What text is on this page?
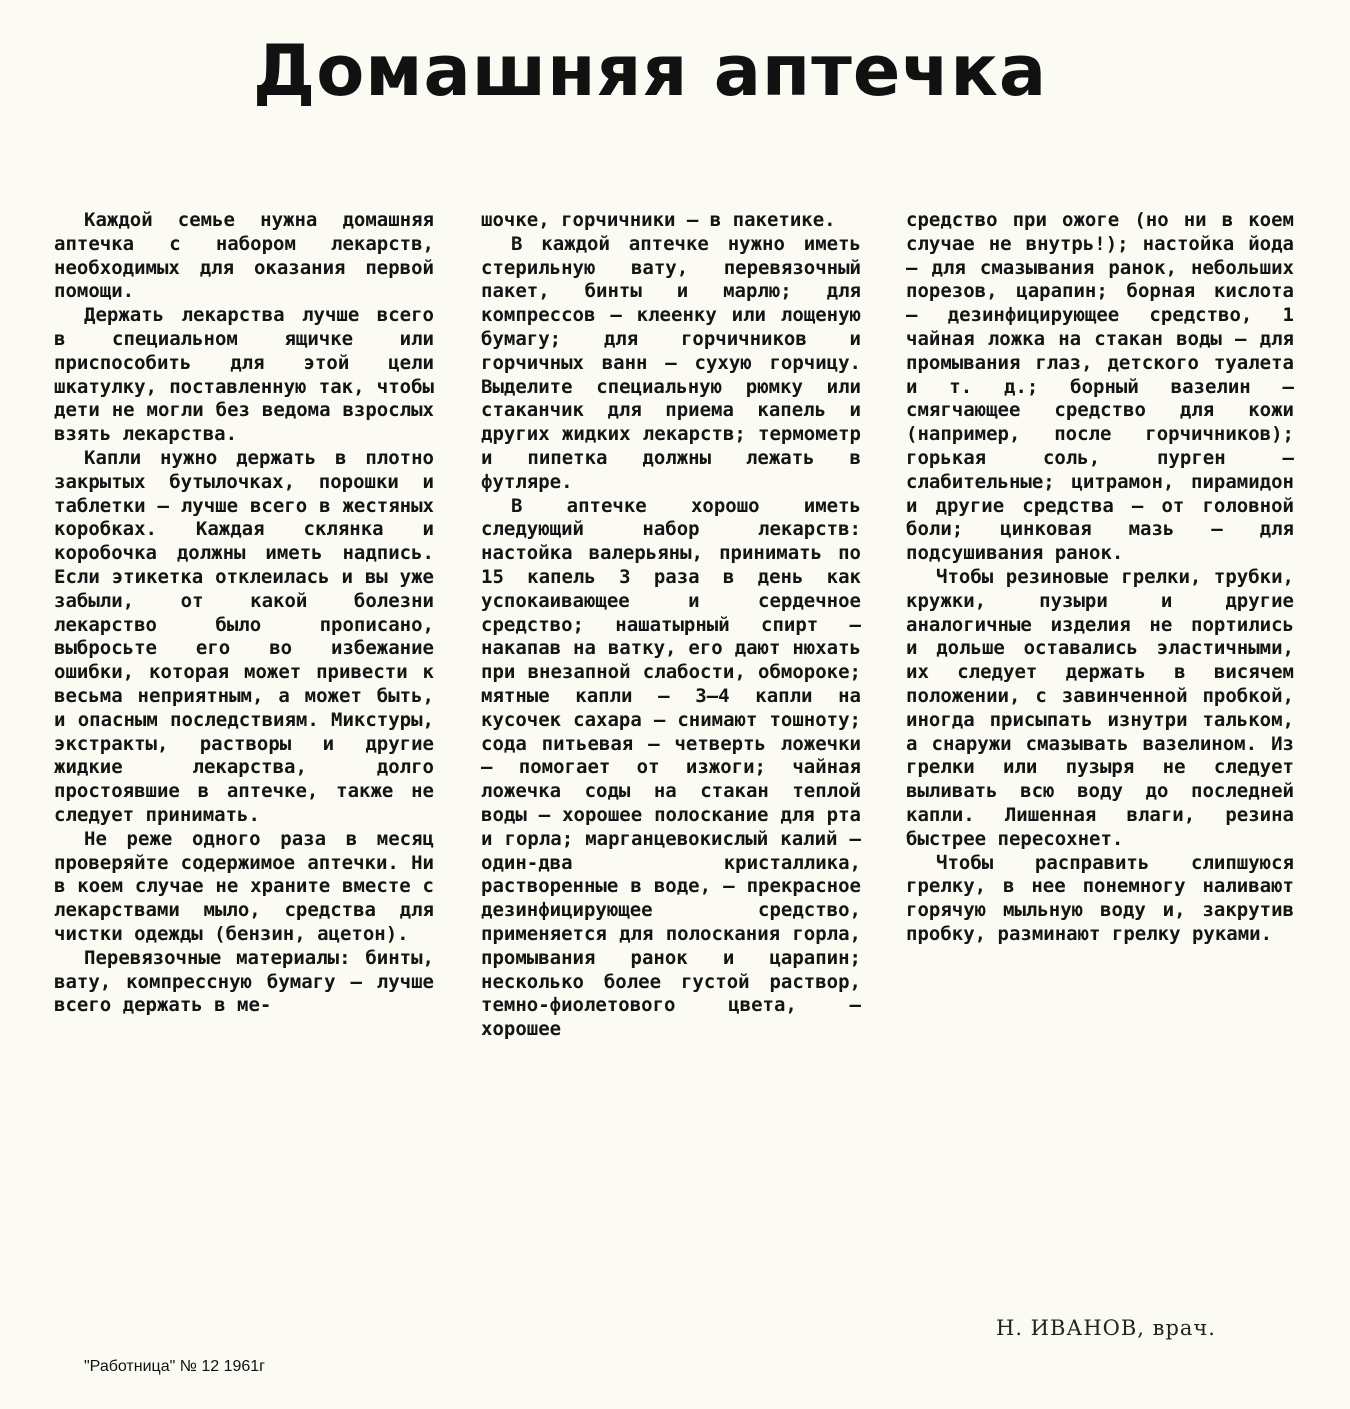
Домашняя аптечка

Каждой семье нужна домашняя аптечка с набором лекарств, необходимых для оказания первой помощи.

Держать лекарства лучше всего в специальном ящичке или приспособить для этой цели шкатулку, поставленную так, чтобы дети не могли без ведома взрослых взять лекарства.

Капли нужно держать в плотно закрытых бутылочках, порошки и таблетки — лучше всего в жестяных коробках. Каждая склянка и коробочка должны иметь надпись. Если этикетка отклеилась и вы уже забыли, от какой болезни лекарство было прописано, выбросьте его во избежание ошибки, которая может привести к весьма неприятным, а может быть, и опасным последствиям. Микстуры, экстракты, растворы и другие жидкие лекарства, долго простоявшие в аптечке, также не следует принимать.

Не реже одного раза в месяц проверяйте содержимое аптечки. Ни в коем случае не храните вместе с лекарствами мыло, средства для чистки одежды (бензин, ацетон).

Перевязочные материалы: бинты, вату, компрессную бумагу — лучше всего держать в ме-

шочке, горчичники — в пакетике.

В каждой аптечке нужно иметь стерильную вату, перевязочный пакет, бинты и марлю; для компрессов — клеенку или лощеную бумагу; для горчичников и горчичных ванн — сухую горчицу. Выделите специальную рюмку или стаканчик для приема капель и других жидких лекарств; термометр и пипетка должны лежать в футляре.

В аптечке хорошо иметь следующий набор лекарств: настойка валерьяны, принимать по 15 капель 3 раза в день как успокаивающее и сердечное средство; нашатырный спирт — накапав на ватку, его дают нюхать при внезапной слабости, обмороке; мятные капли — 3—4 капли на кусочек сахара — снимают тошноту; сода питьевая — четверть ложечки — помогает от изжоги; чайная ложечка соды на стакан теплой воды — хорошее полоскание для рта и горла; марганцевокислый калий — один-два кристаллика, растворенные в воде, — прекрасное дезинфицирующее средство, применяется для полоскания горла, промывания ранок и царапин; несколько более густой раствор, темно-фиолетового цвета, — хорошее

средство при ожоге (но ни в коем случае не внутрь!); настойка йода — для смазывания ранок, небольших порезов, царапин; борная кислота — дезинфицирующее средство, 1 чайная ложка на стакан воды — для промывания глаз, детского туалета и т. д.; борный вазелин — смягчающее средство для кожи (например, после горчичников); горькая соль, пурген — слабительные; цитрамон, пирамидон и другие средства — от головной боли; цинковая мазь — для подсушивания ранок.

Чтобы резиновые грелки, трубки, кружки, пузыри и другие аналогичные изделия не портились и дольше оставались эластичными, их следует держать в висячем положении, с завинченной пробкой, иногда присыпать изнутри тальком, а снаружи смазывать вазелином. Из грелки или пузыря не следует выливать всю воду до последней капли. Лишенная влаги, резина быстрее пересохнет.

Чтобы расправить слипшуюся грелку, в нее понемногу наливают горячую мыльную воду и, закрутив пробку, разминают грелку руками.

Н. ИВАНОВ, врач.
"Работница" № 12 1961г
